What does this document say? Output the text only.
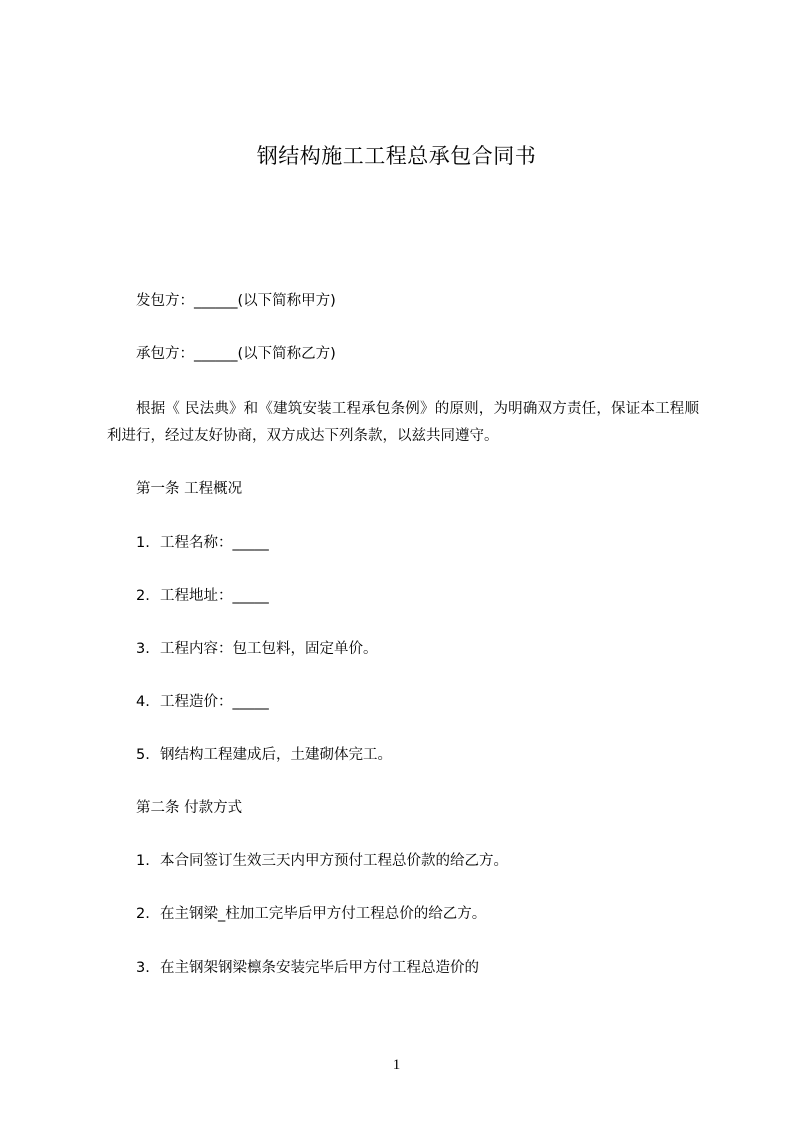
钢结构施工工程总承包合同书
发包方：______(以下简称甲方)
承包方：______(以下简称乙方)
根据《 民法典》和《建筑安装工程承包条例》的原则，为明确双方责任，保证本工程顺利进行，经过友好协商，双方成达下列条款，以兹共同遵守。
第一条 工程概况
1. 工程名称：_____
2. 工程地址：_____
3. 工程内容：包工包料，固定单价。
4. 工程造价：_____
5. 钢结构工程建成后，土建砌体完工。
第二条 付款方式
1. 本合同签订生效三天内甲方预付工程总价款的给乙方。
2. 在主钢梁_柱加工完毕后甲方付工程总价的给乙方。
3. 在主钢架钢梁檩条安装完毕后甲方付工程总造价的
1
